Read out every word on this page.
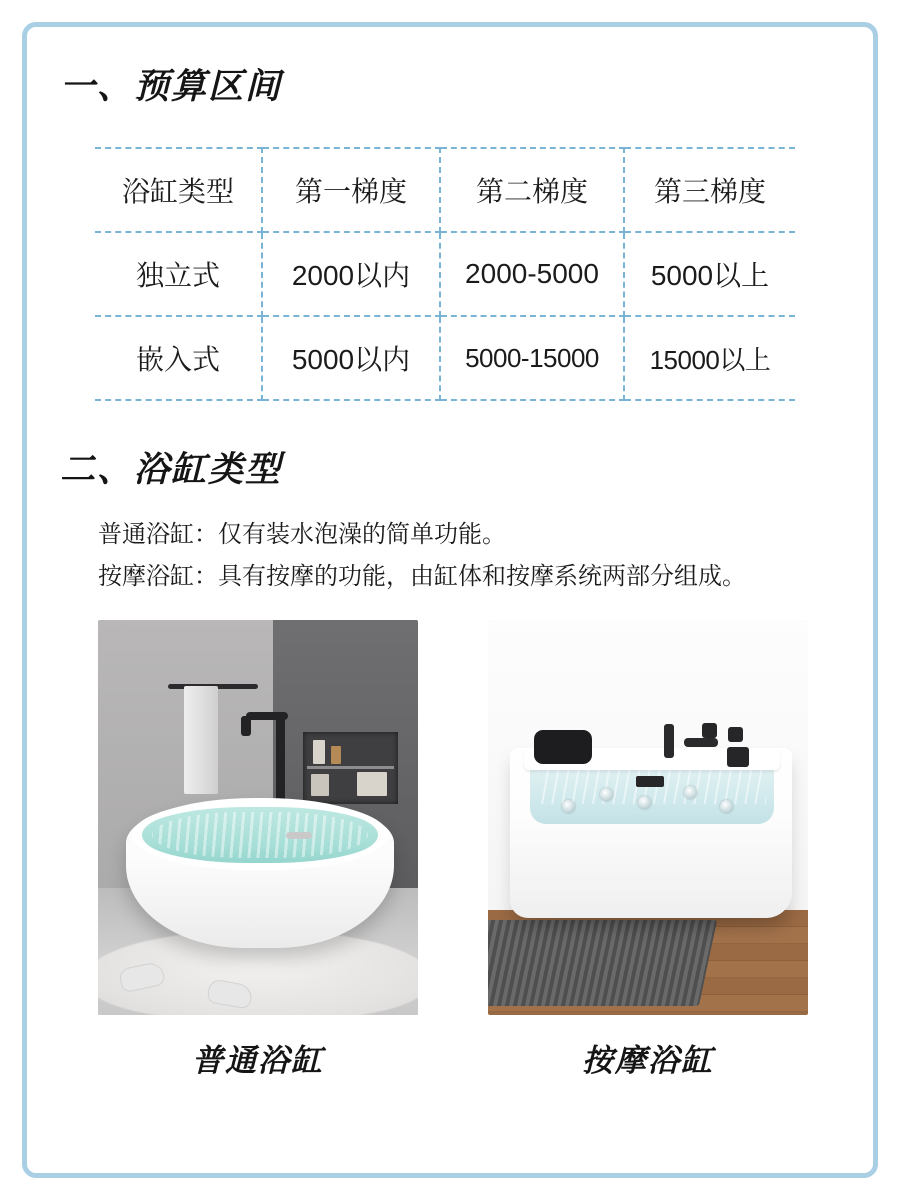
一、预算区间
浴缸类型	第一梯度	第二梯度	第三梯度
独立式	2000以内	2000-5000	5000以上
嵌入式	5000以内	5000-15000	15000以上
二、浴缸类型
普通浴缸：仅有装水泡澡的简单功能。
按摩浴缸：具有按摩的功能，由缸体和按摩系统两部分组成。
普通浴缸	按摩浴缸
